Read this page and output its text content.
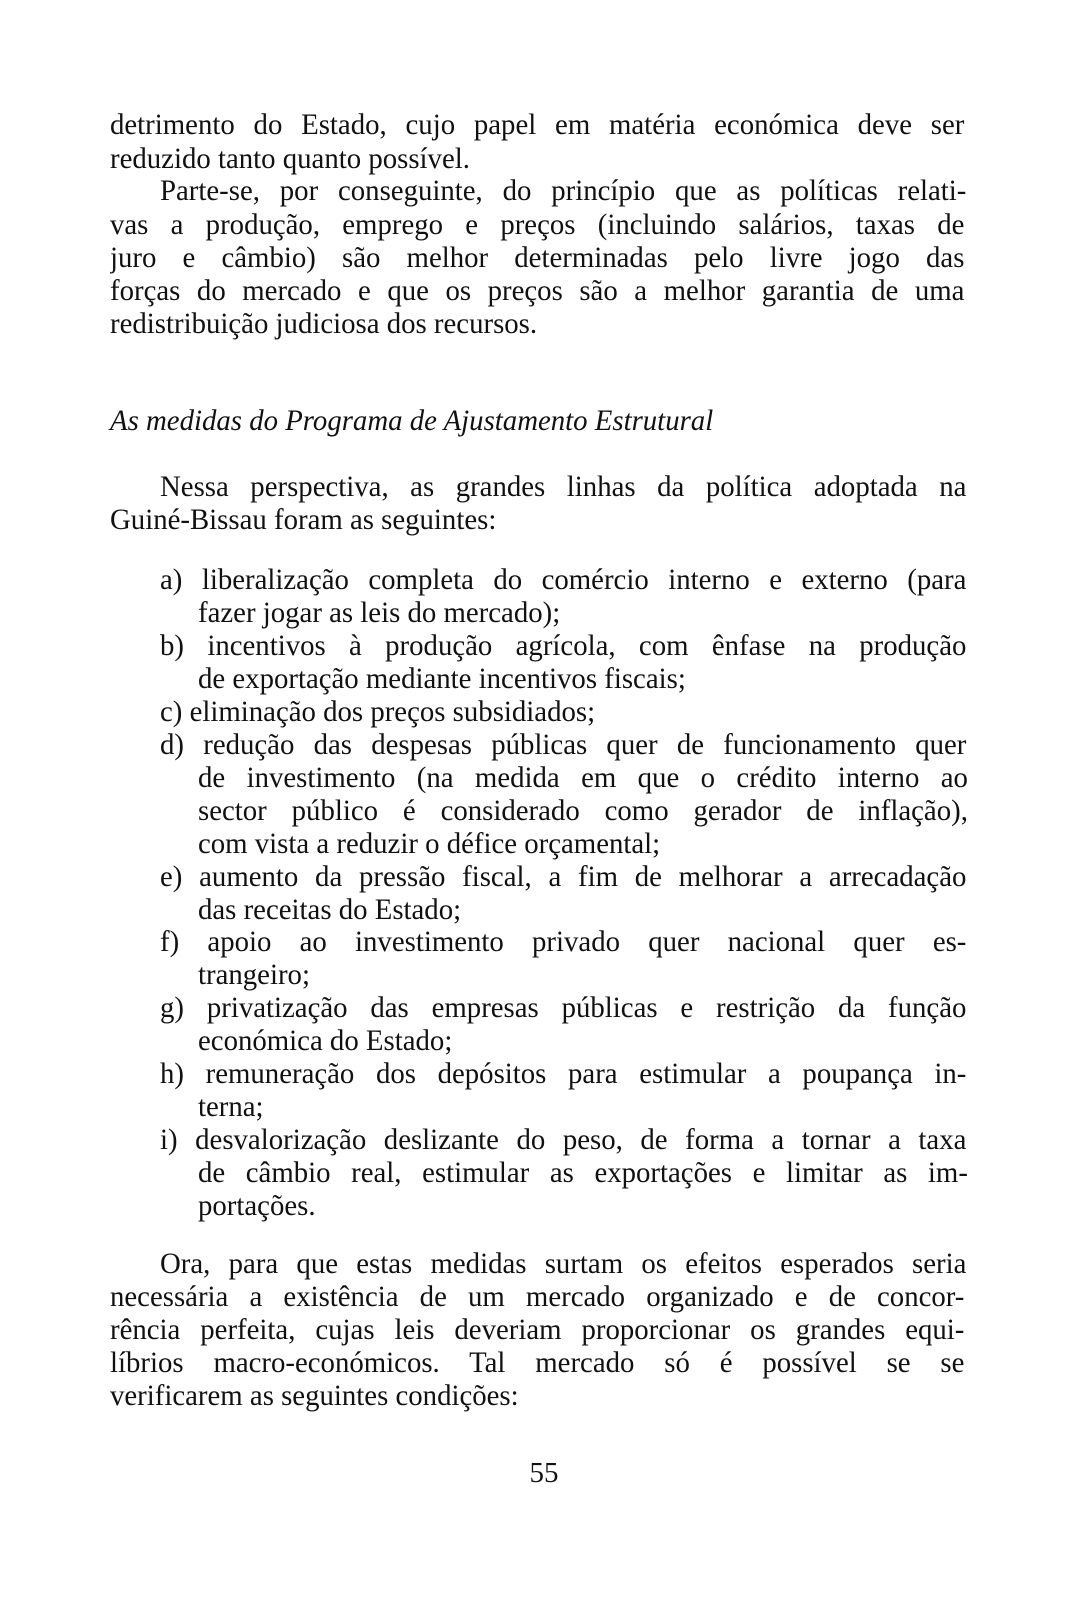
detrimento do Estado, cujo papel em matéria económica deve ser
reduzido tanto quanto possível.
Parte-se, por conseguinte, do princípio que as políticas relati-
vas a produção, emprego e preços (incluindo salários, taxas de
juro e câmbio) são melhor determinadas pelo livre jogo das
forças do mercado e que os preços são a melhor garantia de uma
redistribuição judiciosa dos recursos.
As medidas do Programa de Ajustamento Estrutural
Nessa perspectiva, as grandes linhas da política adoptada na
Guiné-Bissau foram as seguintes:
a) liberalização completa do comércio interno e externo (para
fazer jogar as leis do mercado);
b) incentivos à produção agrícola, com ênfase na produção
de exportação mediante incentivos fiscais;
c) eliminação dos preços subsidiados;
d) redução das despesas públicas quer de funcionamento quer
de investimento (na medida em que o crédito interno ao
sector público é considerado como gerador de inflação),
com vista a reduzir o défice orçamental;
e) aumento da pressão fiscal, a fim de melhorar a arrecadação
das receitas do Estado;
f) apoio ao investimento privado quer nacional quer es-
trangeiro;
g) privatização das empresas públicas e restrição da função
económica do Estado;
h) remuneração dos depósitos para estimular a poupança in-
terna;
i) desvalorização deslizante do peso, de forma a tornar a taxa
de câmbio real, estimular as exportações e limitar as im-
portações.
Ora, para que estas medidas surtam os efeitos esperados seria
necessária a existência de um mercado organizado e de concor-
rência perfeita, cujas leis deveriam proporcionar os grandes equi-
líbrios macro-económicos. Tal mercado só é possível se se
verificarem as seguintes condições:
55
